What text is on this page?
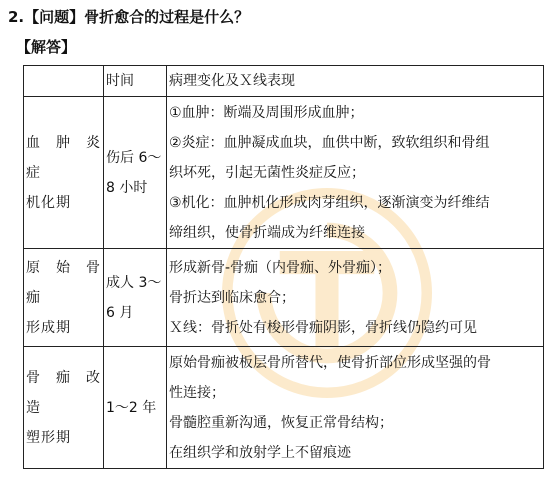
2.【问题】骨折愈合的过程是什么？
【解答】
	时间	病理变化及Ｘ线表现

血 肿 炎 症
机化期	伤后 6～
8 小时	①血肿：断端及周围形成血肿；
②炎症：血肿凝成血块，血供中断，致软组织和骨组
织坏死，引起无菌性炎症反应；
③机化：血肿机化形成肉芽组织，逐渐演变为纤维结
缔组织，使骨折端成为纤维连接

原 始 骨 痂
形成期	成人 3～
6 月	形成新骨-骨痂（内骨痂、外骨痂）；
骨折达到临床愈合；
Ｘ线：骨折处有梭形骨痂阴影，骨折线仍隐约可见

骨 痂 改 造
塑形期	1～2 年	原始骨痂被板层骨所替代，使骨折部位形成坚强的骨
性连接；
骨髓腔重新沟通，恢复正常骨结构；
在组织学和放射学上不留痕迹
